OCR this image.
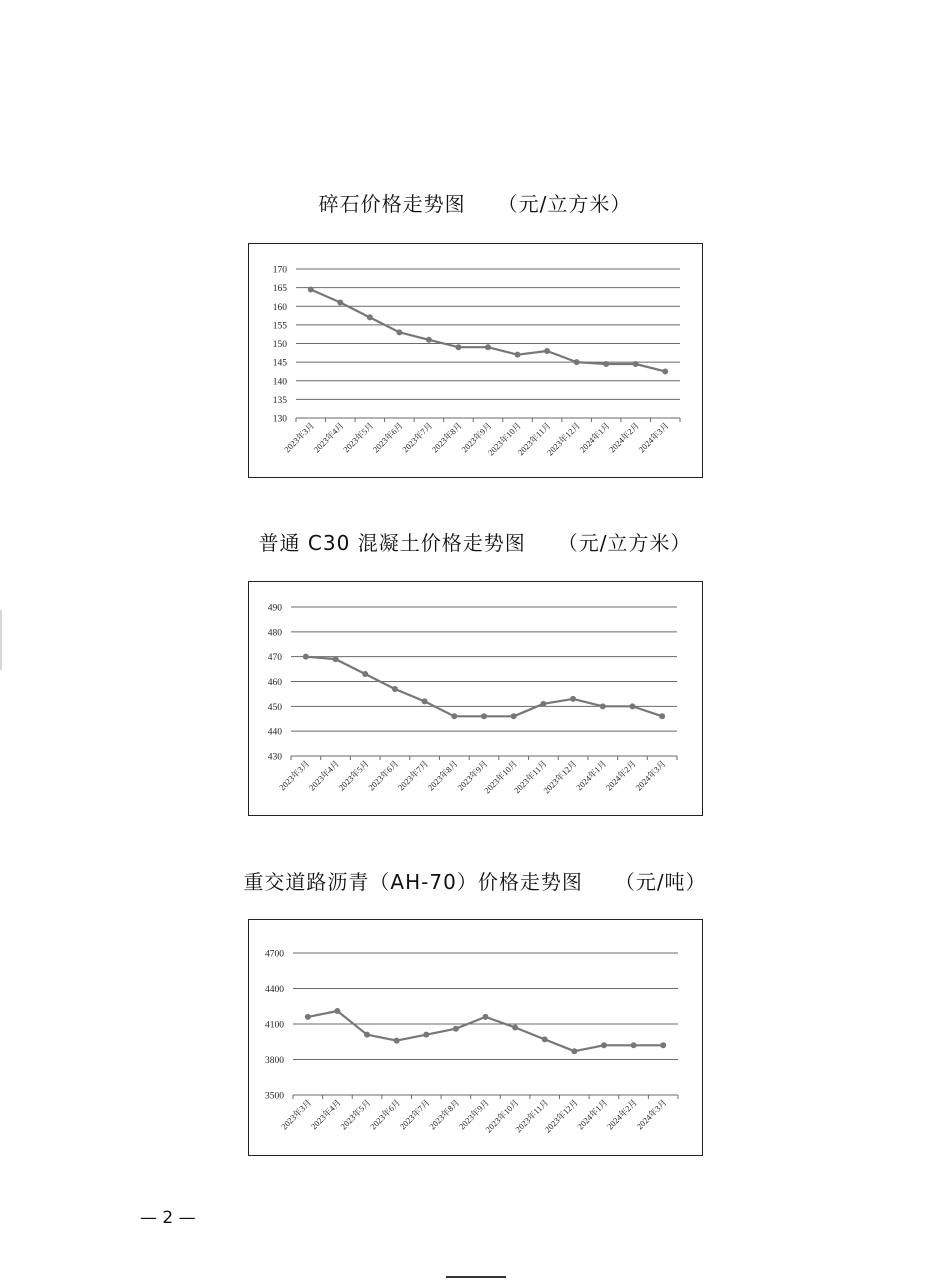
碎石价格走势图　　（元/立方米）
130
135
140
145
150
155
160
165
170
2023年3月
2023年4月
2023年5月
2023年6月
2023年7月
2023年8月
2023年9月
2023年10月
2023年11月
2023年12月
2024年1月
2024年2月
2024年3月
普通 C30 混凝土价格走势图　　（元/立方米）
430
440
450
460
470
480
490
2023年3月
2023年4月
2023年5月
2023年6月
2023年7月
2023年8月
2023年9月
2023年10月
2023年11月
2023年12月
2024年1月
2024年2月
2024年3月
重交道路沥青（AH-70）价格走势图　　（元/吨）
3500
3800
4100
4400
4700
2023年3月
2023年4月
2023年5月
2023年6月
2023年7月
2023年8月
2023年9月
2023年10月
2023年11月
2023年12月
2024年1月
2024年2月
2024年3月
— 2 —
